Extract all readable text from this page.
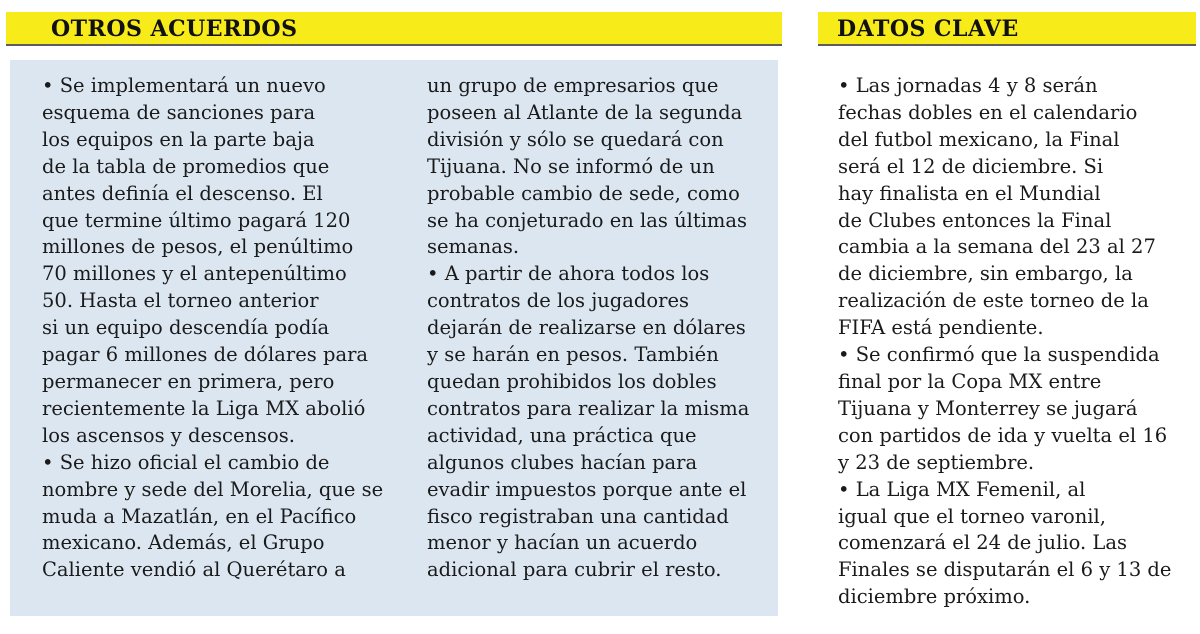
OTROS ACUERDOS	DATOS CLAVE
• Se implementará un nuevo
esquema de sanciones para
los equipos en la parte baja
de la tabla de promedios que
antes definía el descenso. El
que termine último pagará 120
millones de pesos, el penúltimo
70 millones y el antepenúltimo
50. Hasta el torneo anterior
si un equipo descendía podía
pagar 6 millones de dólares para
permanecer en primera, pero
recientemente la Liga MX abolió
los ascensos y descensos.
• Se hizo oficial el cambio de
nombre y sede del Morelia, que se
muda a Mazatlán, en el Pacífico
mexicano. Además, el Grupo
Caliente vendió al Querétaro a
un grupo de empresarios que
poseen al Atlante de la segunda
división y sólo se quedará con
Tijuana. No se informó de un
probable cambio de sede, como
se ha conjeturado en las últimas
semanas.
• A partir de ahora todos los
contratos de los jugadores
dejarán de realizarse en dólares
y se harán en pesos. También
quedan prohibidos los dobles
contratos para realizar la misma
actividad, una práctica que
algunos clubes hacían para
evadir impuestos porque ante el
fisco registraban una cantidad
menor y hacían un acuerdo
adicional para cubrir el resto.
• Las jornadas 4 y 8 serán
fechas dobles en el calendario
del futbol mexicano, la Final
será el 12 de diciembre. Si
hay finalista en el Mundial
de Clubes entonces la Final
cambia a la semana del 23 al 27
de diciembre, sin embargo, la
realización de este torneo de la
FIFA está pendiente.
• Se confirmó que la suspendida
final por la Copa MX entre
Tijuana y Monterrey se jugará
con partidos de ida y vuelta el 16
y 23 de septiembre.
• La Liga MX Femenil, al
igual que el torneo varonil,
comenzará el 24 de julio. Las
Finales se disputarán el 6 y 13 de
diciembre próximo.
